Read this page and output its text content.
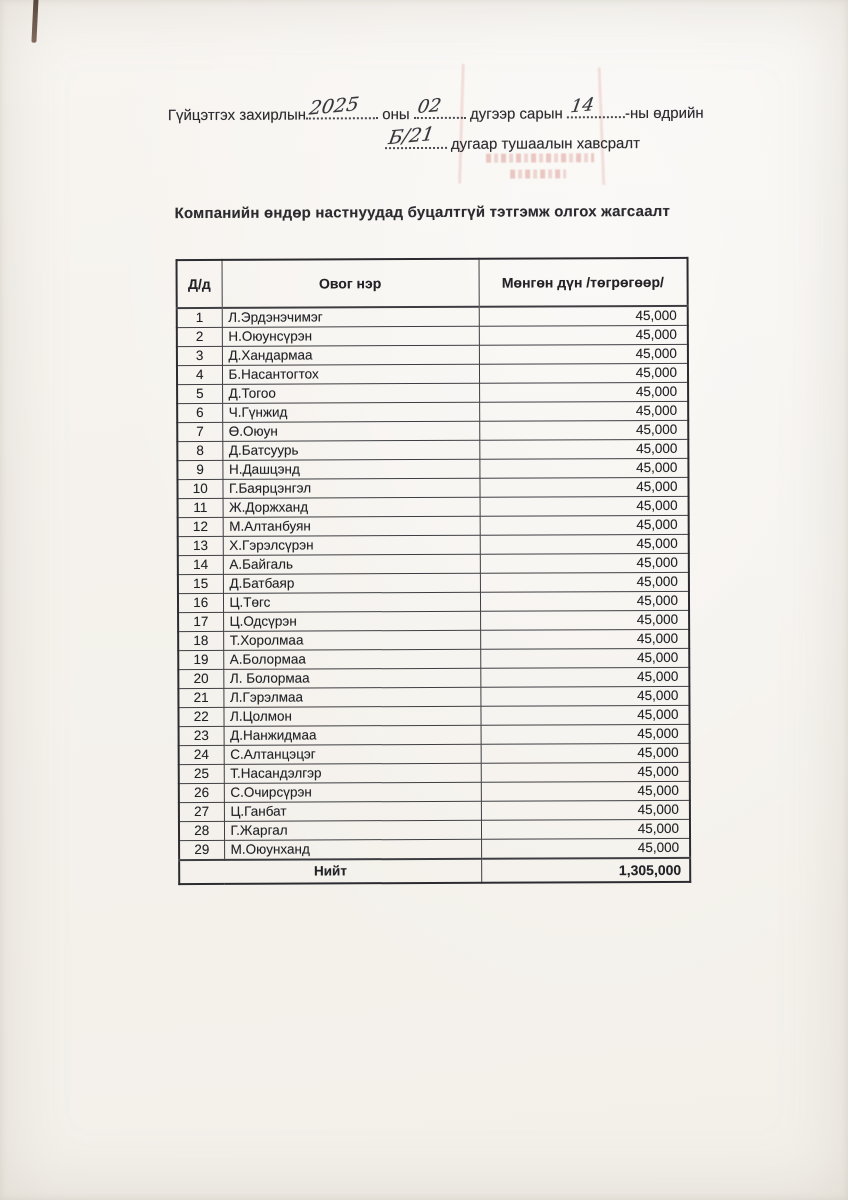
Гүйцэтгэх захирлын 2025 оны 02 дугээр сарын 14 -ны өдрийн
Б/21 дугаар тушаалын хавсралт
Компанийн өндөр настнуудад буцалтгүй тэтгэмж олгох жагсаалт
Д/д	Овог нэр	Мөнгөн дүн /төгрөгөөр/
1	Л.Эрдэнэчимэг	45,000
2	Н.Оюунсүрэн	45,000
3	Д.Хандармаа	45,000
4	Б.Насантогтох	45,000
5	Д.Тогоо	45,000
6	Ч.Гүнжид	45,000
7	Ө.Оюун	45,000
8	Д.Батсуурь	45,000
9	Н.Дашцэнд	45,000
10	Г.Баярцэнгэл	45,000
11	Ж.Доржханд	45,000
12	М.Алтанбуян	45,000
13	Х.Гэрэлсүрэн	45,000
14	А.Байгаль	45,000
15	Д.Батбаяр	45,000
16	Ц.Төгс	45,000
17	Ц.Одсүрэн	45,000
18	Т.Хоролмаа	45,000
19	А.Болормаа	45,000
20	Л. Болормаа	45,000
21	Л.Гэрэлмаа	45,000
22	Л.Цолмон	45,000
23	Д.Нанжидмаа	45,000
24	С.Алтанцэцэг	45,000
25	Т.Насандэлгэр	45,000
26	С.Очирсүрэн	45,000
27	Ц.Ганбат	45,000
28	Г.Жаргал	45,000
29	М.Оюунханд	45,000
Нийт		1,305,000
